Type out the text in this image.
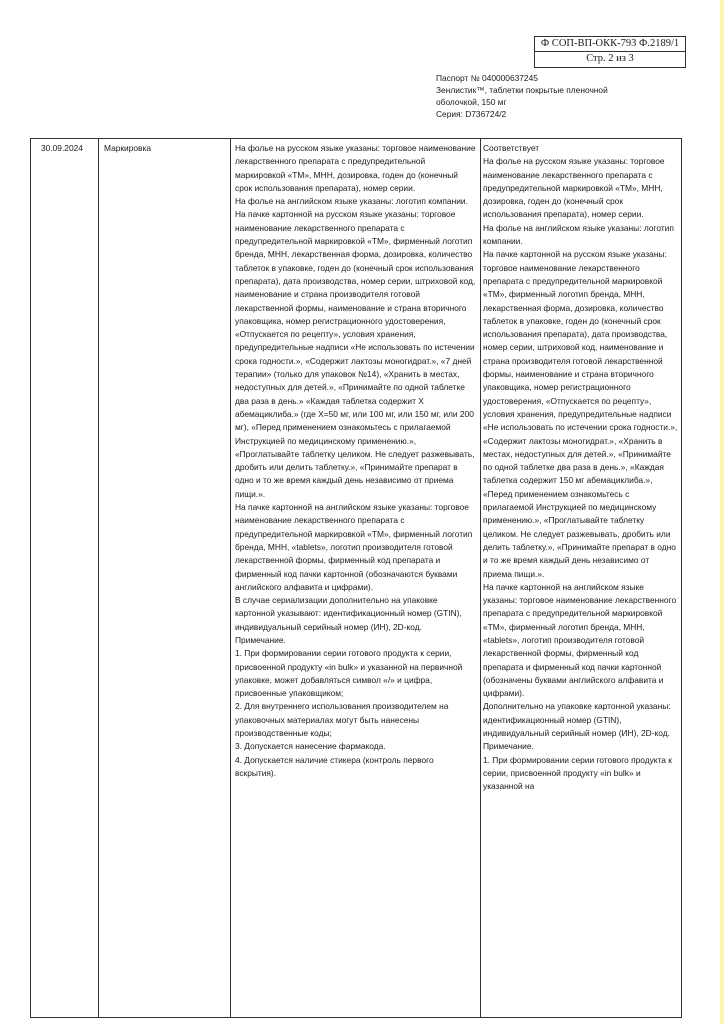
Ф СОП-ВП-ОКК-793 Ф.2189/1
Стр. 2 из 3
Паспорт № 040000637245
Зенлистик™, таблетки покрытые пленочной оболочкой, 150 мг
Серия: D736724/2

30.09.2024	Маркировка	На фолье на русском языке указаны: торговое наименование лекарственного препарата с предупредительной маркировкой «ТМ», МНН, дозировка, годен до (конечный срок использования препарата), номер серии.
На фолье на английском языке указаны: логотип компании.
На пачке картонной на русском языке указаны: торговое наименование лекарственного препарата с предупредительной маркировкой «ТМ», фирменный логотип бренда, МНН, лекарственная форма, дозировка, количество таблеток в упаковке, годен до (конечный срок использования препарата), дата производства, номер серии, штриховой код, наименование и страна производителя готовой лекарственной формы, наименование и страна вторичного упаковщика, номер регистрационного удостоверения, «Отпускается по рецепту», условия хранения, предупредительные надписи «Не использовать по истечении срока годности.», «Содержит лактозы моногидрат.», «7 дней терапии» (только для упаковок №14), «Хранить в местах, недоступных для детей.», «Принимайте по одной таблетке два раза в день.» «Каждая таблетка содержит X абемациклиба.» (где X=50 мг, или 100 мг, или 150 мг, или 200 мг), «Перед применением ознакомьтесь с прилагаемой Инструкцией по медицинскому применению.», «Проглатывайте таблетку целиком. Не следует разжевывать, дробить или делить таблетку.», «Принимайте препарат в одно и то же время каждый день независимо от приема пищи.».
На пачке картонной на английском языке указаны: торговое наименование лекарственного препарата с предупредительной маркировкой «ТМ», фирменный логотип бренда, МНН, «tablets», логотип производителя готовой лекарственной формы, фирменный код препарата и фирменный код пачки картонной (обозначаются буквами английского алфавита и цифрами).
В случае сериализации дополнительно на упаковке картонной указывают: идентификационный номер (GTIN), индивидуальный серийный номер (ИН), 2D-код.
Примечание.
1. При формировании серии готового продукта к серии, присвоенной продукту «in bulk» и указанной на первичной упаковке, может добавляться символ «/» и цифра, присвоенные упаковщиком;
2. Для внутреннего использования производителем на упаковочных материалах могут быть нанесены производственные коды;
3. Допускается нанесение фармакода.
4. Допускается наличие стикера (контроль первого вскрытия).

Соответствует
На фолье на русском языке указаны: торговое наименование лекарственного препарата с предупредительной маркировкой «ТМ», МНН, дозировка, годен до (конечный срок использования препарата), номер серии.
На фолье на английском языке указаны: логотип компании.
На пачке картонной на русском языке указаны: торговое наименование лекарственного препарата с предупредительной маркировкой «ТМ», фирменный логотип бренда, МНН, лекарственная форма, дозировка, количество таблеток в упаковке, годен до (конечный срок использования препарата), дата производства, номер серии, штриховой код, наименование и страна производителя готовой лекарственной формы, наименование и страна вторичного упаковщика, номер регистрационного удостоверения, «Отпускается по рецепту», условия хранения, предупредительные надписи «Не использовать по истечении срока годности.», «Содержит лактозы моногидрат.», «Хранить в местах, недоступных для детей.», «Принимайте по одной таблетке два раза в день.», «Каждая таблетка содержит 150 мг абемациклиба.», «Перед применением ознакомьтесь с прилагаемой Инструкцией по медицинскому применению.», «Проглатывайте таблетку целиком. Не следует разжевывать, дробить или делить таблетку.», «Принимайте препарат в одно и то же время каждый день независимо от приема пищи.».
На пачке картонной на английском языке указаны: торговое наименование лекарственного препарата с предупредительной маркировкой «ТМ», фирменный логотип бренда, МНН, «tablets», логотип производителя готовой лекарственной формы, фирменный код препарата и фирменный код пачки картонной (обозначены буквами английского алфавита и цифрами).
Дополнительно на упаковке картонной указаны: идентификационный номер (GTIN), индивидуальный серийный номер (ИН), 2D-код.
Примечание.
1. При формировании серии готового продукта к серии, присвоенной продукту «in bulk» и указанной на
